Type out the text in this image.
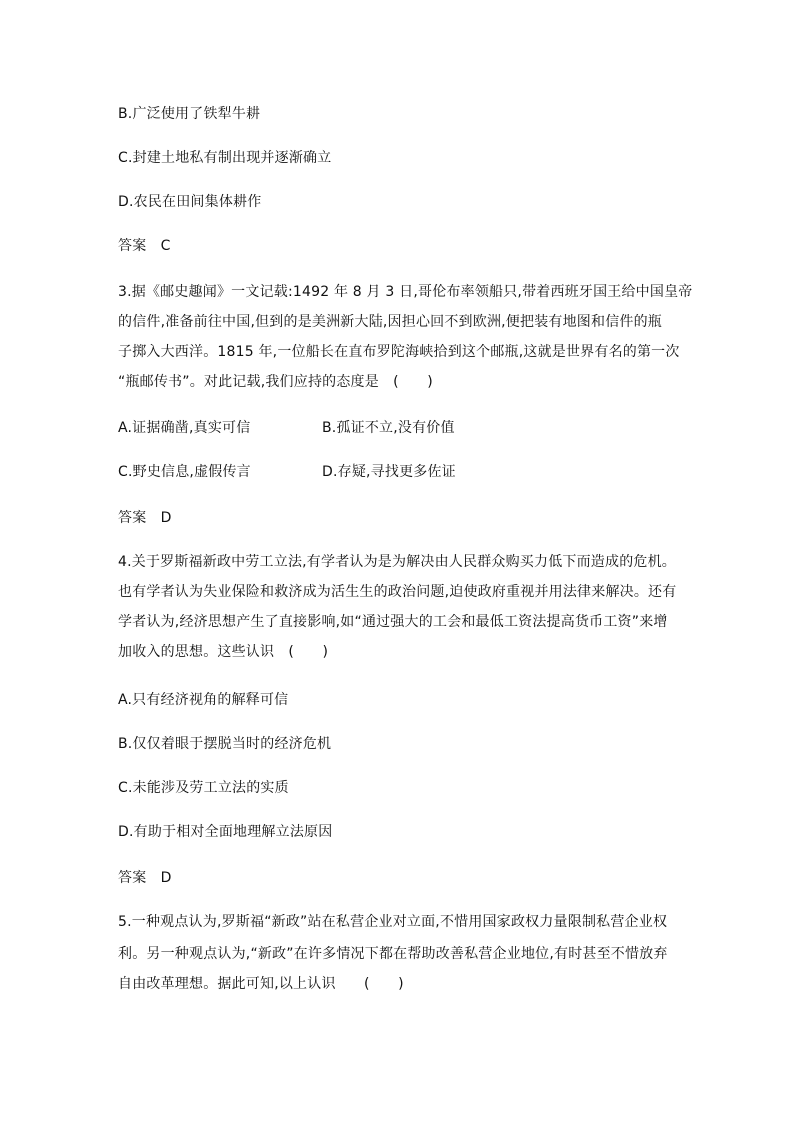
B.广泛使用了铁犁牛耕
C.封建土地私有制出现并逐渐确立
D.农民在田间集体耕作
答案　C
3.据《邮史趣闻》一文记载:1492 年 8 月 3 日,哥伦布率领船只,带着西班牙国王给中国皇帝
的信件,准备前往中国,但到的是美洲新大陆,因担心回不到欧洲,便把装有地图和信件的瓶
子掷入大西洋。1815 年,一位船长在直布罗陀海峡拾到这个邮瓶,这就是世界有名的第一次
“瓶邮传书”。对此记载,我们应持的态度是　(　　)
A.证据确凿,真实可信	B.孤证不立,没有价值
C.野史信息,虚假传言	D.存疑,寻找更多佐证
答案　D
4.关于罗斯福新政中劳工立法,有学者认为是为解决由人民群众购买力低下而造成的危机。
也有学者认为失业保险和救济成为活生生的政治问题,迫使政府重视并用法律来解决。还有
学者认为,经济思想产生了直接影响,如“通过强大的工会和最低工资法提高货币工资”来增
加收入的思想。这些认识　(　　)
A.只有经济视角的解释可信
B.仅仅着眼于摆脱当时的经济危机
C.未能涉及劳工立法的实质
D.有助于相对全面地理解立法原因
答案　D
5.一种观点认为,罗斯福“新政”站在私营企业对立面,不惜用国家政权力量限制私营企业权
利。另一种观点认为,“新政”在许多情况下都在帮助改善私营企业地位,有时甚至不惜放弃
自由改革理想。据此可知,以上认识　　(　　)
